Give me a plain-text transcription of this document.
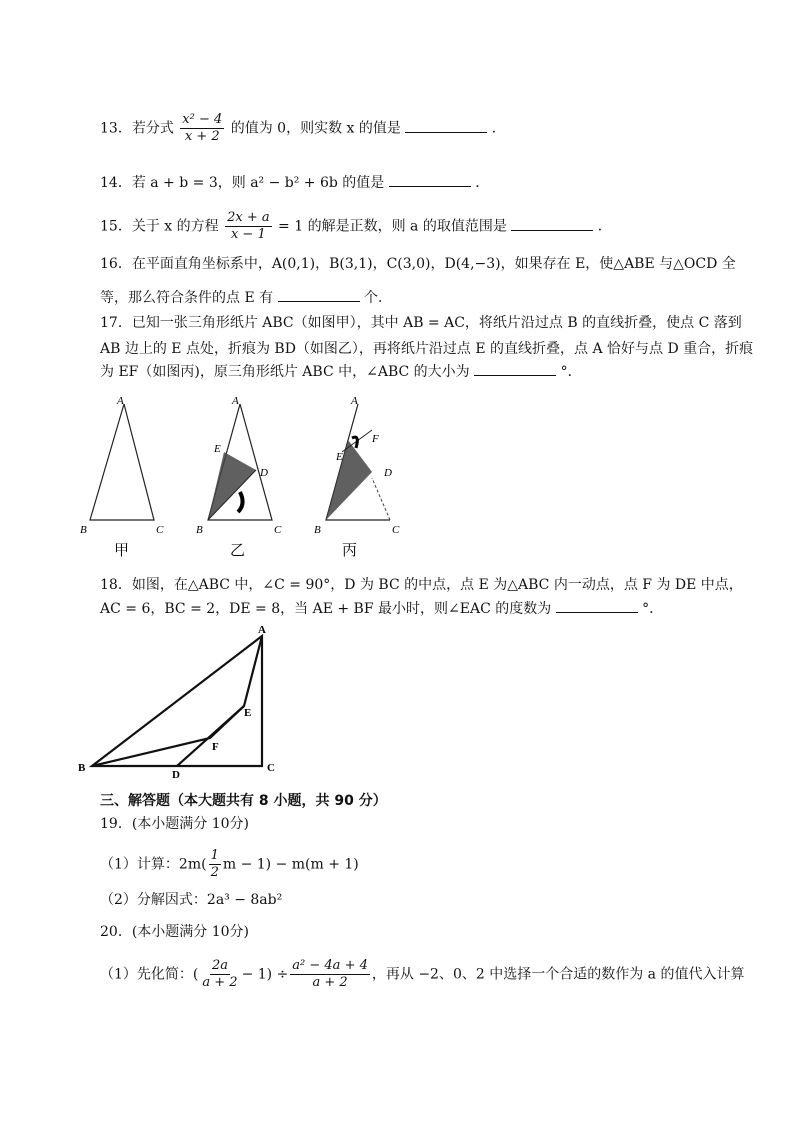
13．若分式 $\frac{\text{x² − 4}}{x + 2}$ 的值为 0，则实数 x 的值是	．
14．若 a + b = 3，则 a² − b² + 6b 的值是	．
15．关于 x 的方程 $\frac{2x + a}{x - 1} = 1$ 的解是正数，则 a 的取值范围是	．
16．在平面直角坐标系中，A(0,1)，B(3,1)，C(3,0)，D(4,−3)，如果存在 E，使△ABE 与△OCD 全
等，那么符合条件的点 E 有	个．
17．已知一张三角形纸片 ABC（如图甲），其中 AB = AC，将纸片沿过点 B 的直线折叠，使点 C 落到
AB 边上的 E 点处，折痕为 BD（如图乙），再将纸片沿过点 E 的直线折叠，点 A 恰好与点 D 重合，折痕
为 EF（如图丙)，原三角形纸片 ABC 中，∠ABC 的大小为	°．
A
B	C
甲
A
E
D
B	C
乙
A
F
E
D
B	C
丙
18．如图，在△ABC 中，∠C = 90°，D 为 BC 的中点，点 E 为△ABC 内一动点，点 F 为 DE 中点，
AC = 6，BC = 2，DE = 8，当 AE + BF 最小时，则∠EAC 的度数为	°．
A
E
F
B
D
C
三、解答题（本大题共有 8 小题，共 90 分）
19．(本小题满分 10分)
（1）计算：$2m( \frac{1}{2}$ m − 1) − m(m + 1)
（2）分解因式：2a³ − 8ab²
20．(本小题满分 10分)
（1）先化简：( $\frac{2a}{a + 2} - 1) \div \frac{\text{a² − 4a + 4}}{a + 2}$ ，再从 −2、0、2 中选择一个合适的数作为 a 的值代入计算
